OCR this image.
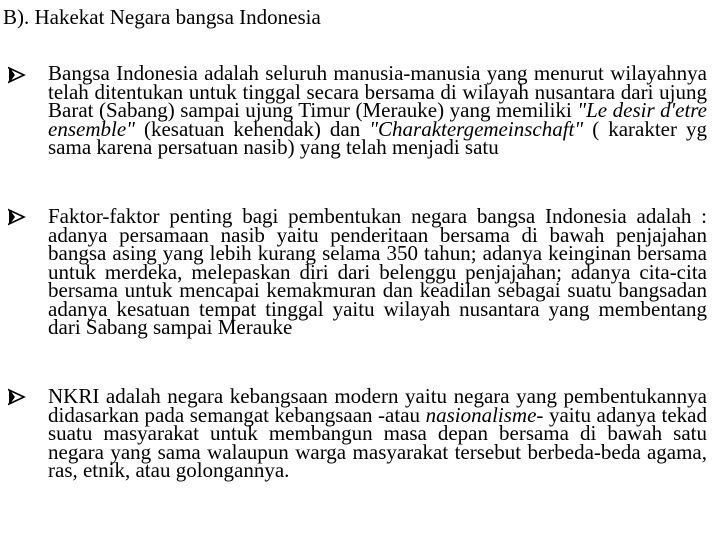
B). Hakekat Negara bangsa Indonesia
Bangsa Indonesia adalah seluruh manusia-manusia yang menurut wilayahnya telah ditentukan untuk tinggal secara bersama di wilayah nusantara dari ujung Barat (Sabang) sampai ujung Timur (Merauke) yang memiliki "Le desir d'etre ensemble" (kesatuan kehendak) dan "Charaktergemeinschaft" ( karakter yg sama karena persatuan nasib) yang telah menjadi satu
Faktor-faktor penting bagi pembentukan negara bangsa Indonesia adalah : adanya persamaan nasib yaitu penderitaan bersama di bawah penjajahan bangsa asing yang lebih kurang selama 350 tahun; adanya keinginan bersama untuk merdeka, melepaskan diri dari belenggu penjajahan; adanya cita-cita bersama untuk mencapai kemakmuran dan keadilan sebagai suatu bangsadan adanya kesatuan tempat tinggal yaitu wilayah nusantara yang membentang dari Sabang sampai Merauke
NKRI adalah negara kebangsaan modern yaitu negara yang pembentukannya didasarkan pada semangat kebangsaan -atau nasionalisme- yaitu adanya tekad suatu masyarakat untuk membangun masa depan bersama di bawah satu negara yang sama walaupun warga masyarakat tersebut berbeda-beda agama, ras, etnik, atau golongannya.
